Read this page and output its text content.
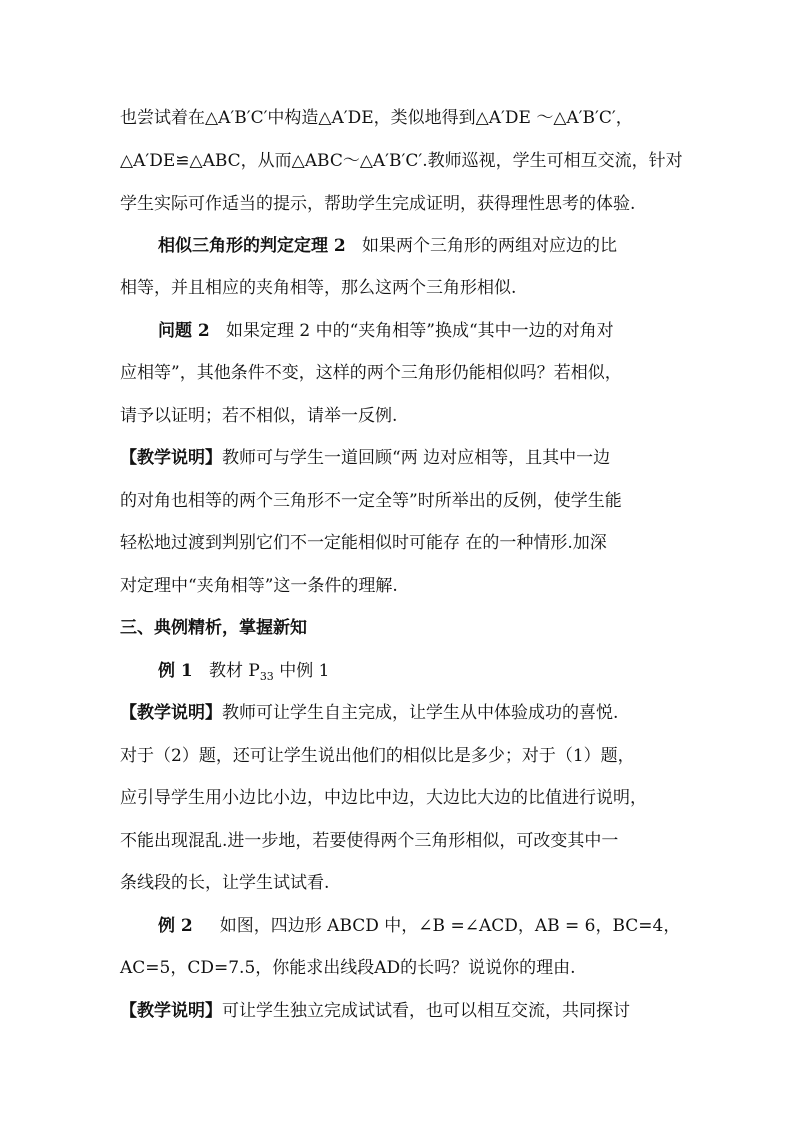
也尝试着在△A′B′C′中构造△A′DE，类似地得到△A′DE ～△A′B′C′，
△A′DE≌△ABC，从而△ABC～△A′B′C′.教师巡视，学生可相互交流，针对
学生实际可作适当的提示，帮助学生完成证明，获得理性思考的体验.
相似三角形的判定定理 2 如果两个三角形的两组对应边的比
相等，并且相应的夹角相等，那么这两个三角形相似.
问题 2 如果定理 2 中的“夹角相等”换成“其中一边的对角对
应相等”，其他条件不变，这样的两个三角形仍能相似吗？若相似，
请予以证明；若不相似，请举一反例.
【教学说明】教师可与学生一道回顾“两 边对应相等，且其中一边
的对角也相等的两个三角形不一定全等”时所举出的反例，使学生能
轻松地过渡到判别它们不一定能相似时可能存 在的一种情形.加深
对定理中“夹角相等”这一条件的理解.
三、典例精析，掌握新知
例 1 教材 $P_{33}$ 中例 1
【教学说明】教师可让学生自主完成，让学生从中体验成功的喜悦.
对于（2）题，还可让学生说出他们的相似比是多少；对于（1）题，
应引导学生用小边比小边，中边比中边，大边比大边的比值进行说明，
不能出现混乱.进一步地，若要使得两个三角形相似，可改变其中一
条线段的长，让学生试试看.
例 2 如图，四边形 ABCD 中，∠B =∠ACD，AB = 6，BC=4，
AC=5，CD=7.5，你能求出线段AD的长吗？说说你的理由.
【教学说明】可让学生独立完成试试看，也可以相互交流，共同探讨
